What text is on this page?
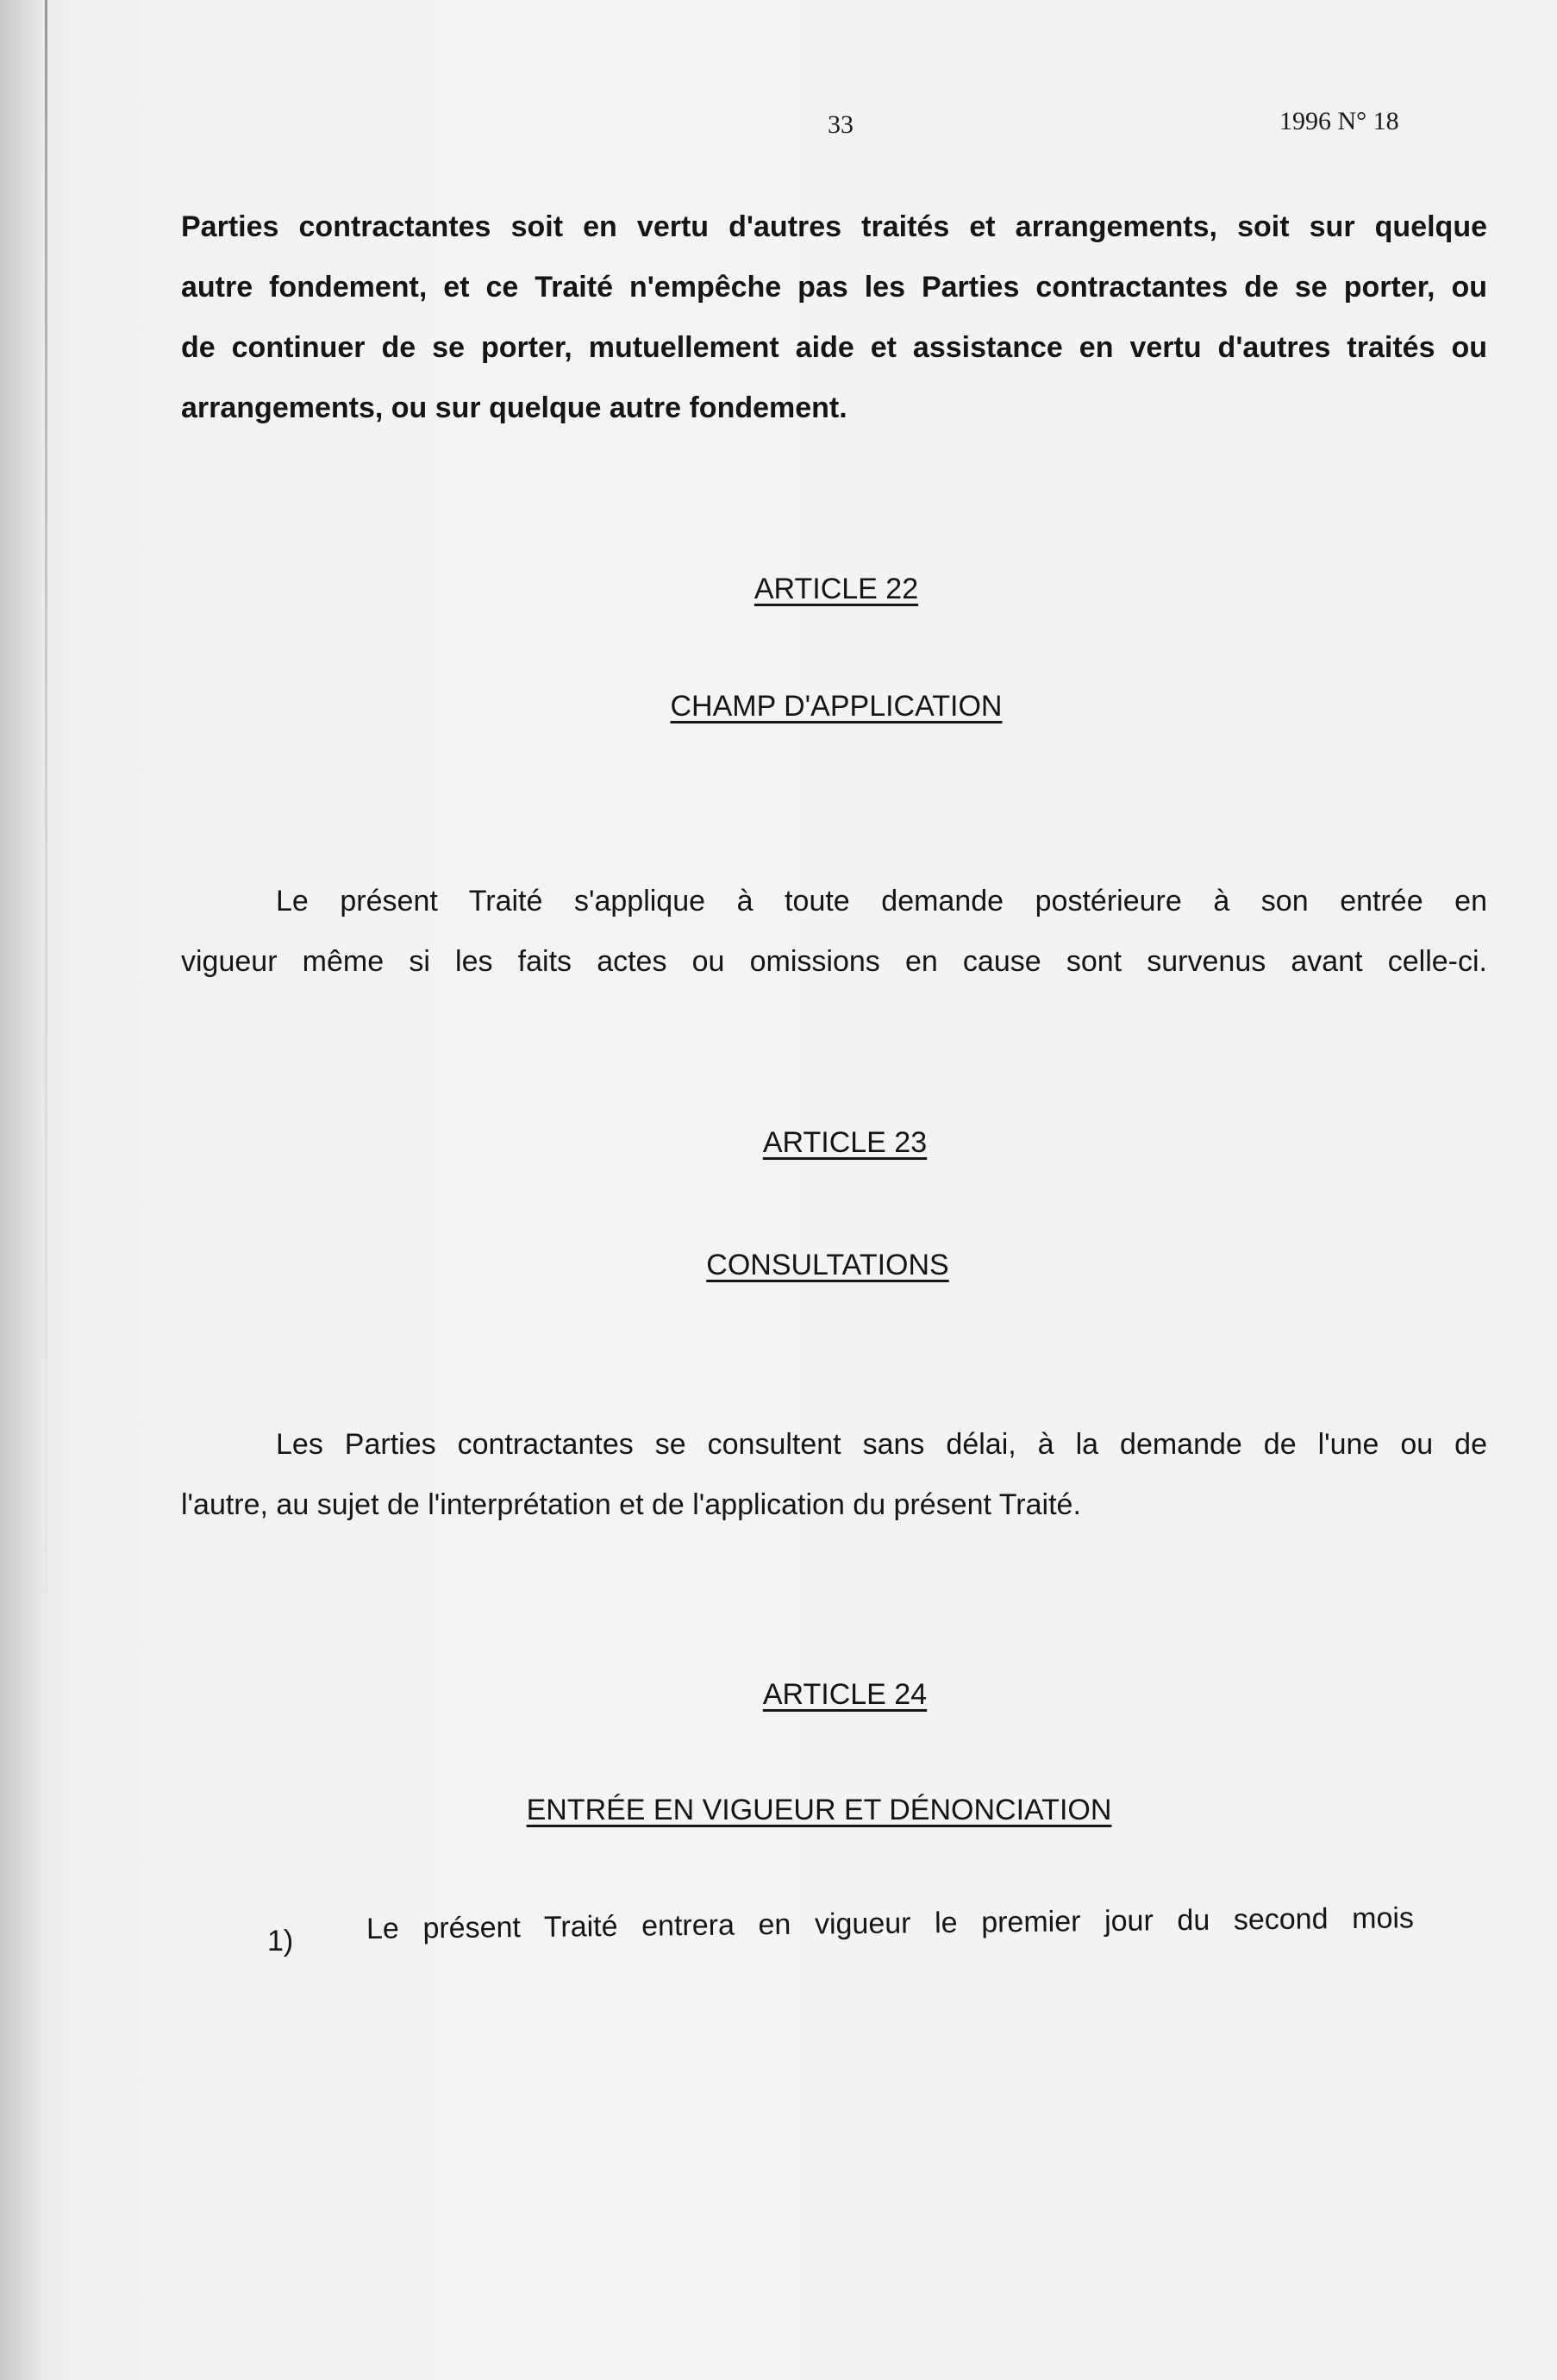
33	1996 N° 18
Parties contractantes soit en vertu d'autres traités et arrangements, soit sur quelque
autre fondement, et ce Traité n'empêche pas les Parties contractantes de se porter, ou
de continuer de se porter, mutuellement aide et assistance en vertu d'autres traités ou
arrangements, ou sur quelque autre fondement.
ARTICLE 22
CHAMP D'APPLICATION
Le présent Traité s'applique à toute demande postérieure à son entrée en
vigueur même si les faits actes ou omissions en cause sont survenus avant celle-ci.
ARTICLE 23
CONSULTATIONS
Les Parties contractantes se consultent sans délai, à la demande de l'une ou de
l'autre, au sujet de l'interprétation et de l'application du présent Traité.
ARTICLE 24
ENTRÉE EN VIGUEUR ET DÉNONCIATION
1) Le présent Traité entrera en vigueur le premier jour du second mois
